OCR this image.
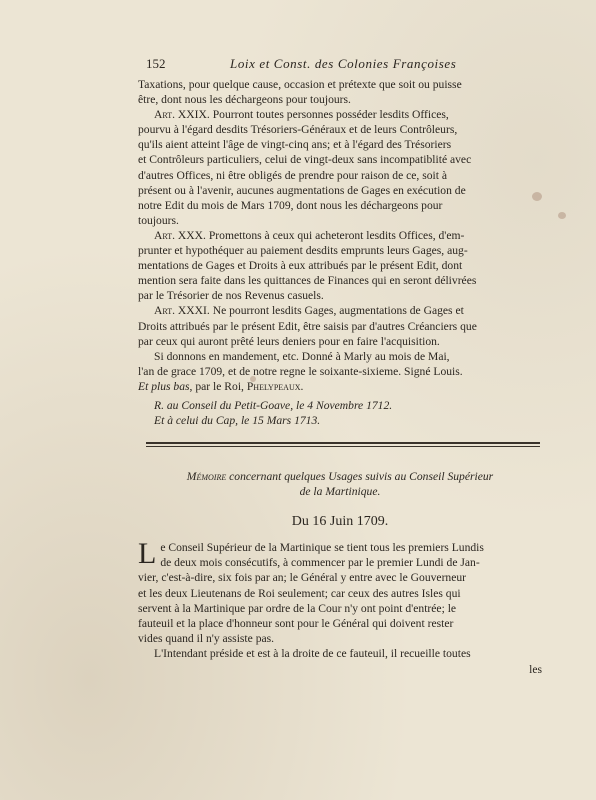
152	Loix et Const. des Colonies Françoises
Taxations, pour quelque cause, occasion et prétexte que soit ou puisse
être, dont nous les déchargeons pour toujours.
Art. XXIX. Pourront toutes personnes posséder lesdits Offices,
pourvu à l'égard desdits Trésoriers-Généraux et de leurs Contrôleurs,
qu'ils aient atteint l'âge de vingt-cinq ans; et à l'égard des Trésoriers
et Contrôleurs particuliers, celui de vingt-deux sans incompatiblité avec
d'autres Offices, ni être obligés de prendre pour raison de ce, soit à
présent ou à l'avenir, aucunes augmentations de Gages en exécution de
notre Edit du mois de Mars 1709, dont nous les déchargeons pour
toujours.
Art. XXX. Promettons à ceux qui acheteront lesdits Offices, d'em-
prunter et hypothéquer au paiement desdits emprunts leurs Gages, aug-
mentations de Gages et Droits à eux attribués par le présent Edit, dont
mention sera faite dans les quittances de Finances qui en seront délivrées
par le Trésorier de nos Revenus casuels.
Art. XXXI. Ne pourront lesdits Gages, augmentations de Gages et
Droits attribués par le présent Edit, être saisis par d'autres Créanciers que
par ceux qui auront prêté leurs deniers pour en faire l'acquisition.
Si donnons en mandement, etc. Donné à Marly au mois de Mai,
l'an de grace 1709, et de notre regne le soixante-sixieme. Signé Louis.
Et plus bas, par le Roi, Phelypeaux.
R. au Conseil du Petit-Goave, le 4 Novembre 1712.
Et à celui du Cap, le 15 Mars 1713.
Mémoire concernant quelques Usages suivis au Conseil Supérieur
de la Martinique.
Du 16 Juin 1709.
Le Conseil Supérieur de la Martinique se tient tous les premiers Lundis
de deux mois consécutifs, à commencer par le premier Lundi de Jan-
vier, c'est-à-dire, six fois par an; le Général y entre avec le Gouverneur
et les deux Lieutenans de Roi seulement; car ceux des autres Isles qui
servent à la Martinique par ordre de la Cour n'y ont point d'entrée; le
fauteuil et la place d'honneur sont pour le Général qui doivent rester
vides quand il n'y assiste pas.
L'Intendant préside et est à la droite de ce fauteuil, il recueille toutes
les
